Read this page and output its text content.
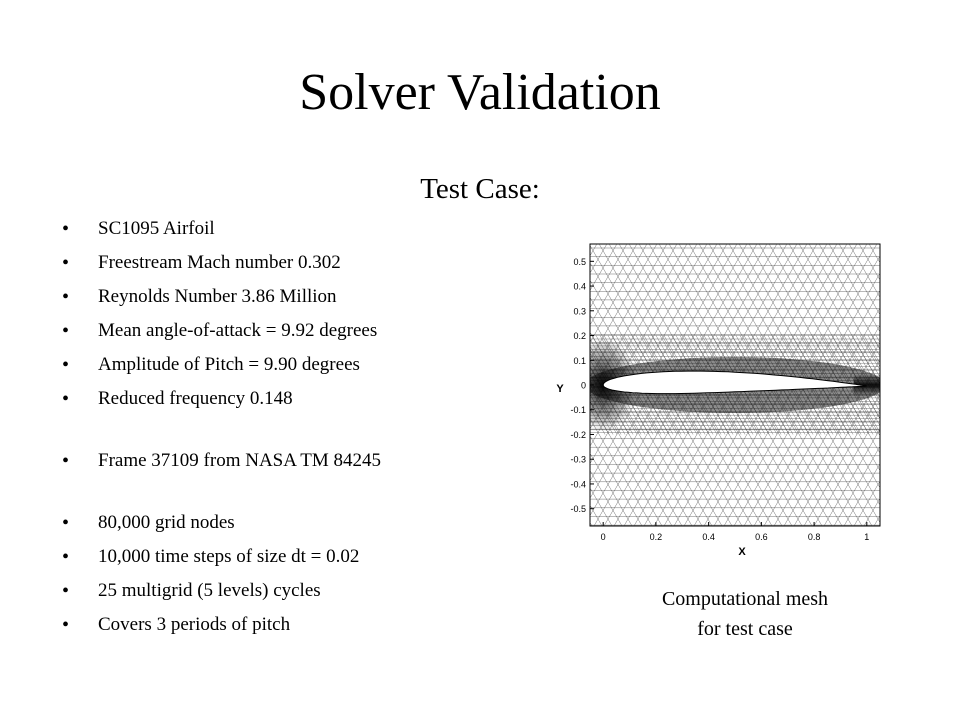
Solver Validation
Test Case:
• SC1095 Airfoil
• Freestream Mach number 0.302
• Reynolds Number 3.86 Million
• Mean angle-of-attack = 9.92 degrees
• Amplitude of Pitch = 9.90 degrees
• Reduced frequency 0.148
• Frame 37109 from NASA TM 84245
• 80,000 grid nodes
• 10,000 time steps of size dt = 0.02
• 25 multigrid (5 levels) cycles
• Covers 3 periods of pitch
0.5
0.4
0.3
0.2
0.1
0
-0.1
-0.2
-0.3
-0.4
-0.5
0	0.2	0.4	0.6	0.8	1
Y
X
Computational mesh
for test case
